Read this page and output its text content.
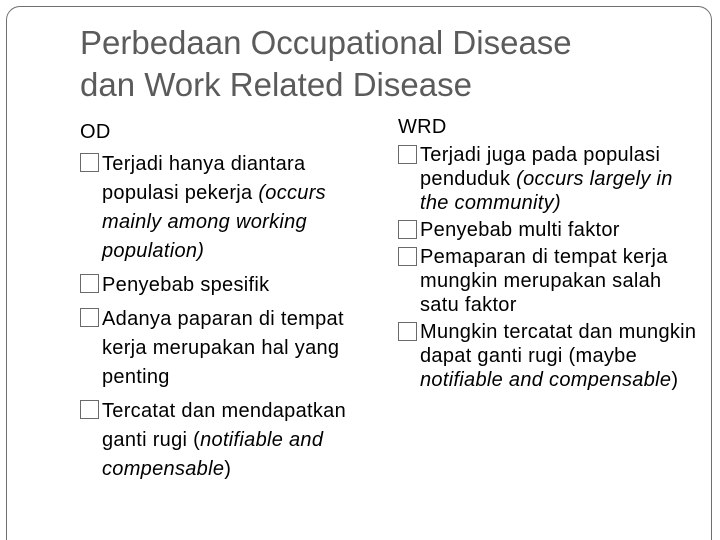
Perbedaan Occupational Disease
dan Work Related Disease
OD
Terjadi hanya diantara populasi pekerja (occurs mainly among working population)
Penyebab spesifik
Adanya paparan di tempat kerja merupakan hal yang penting
Tercatat dan mendapatkan ganti rugi (notifiable and compensable)
WRD
Terjadi juga pada populasi penduduk (occurs largely in the community)
Penyebab multi faktor
Pemaparan di tempat kerja mungkin merupakan salah satu faktor
Mungkin tercatat dan mungkin dapat ganti rugi (maybe notifiable and compensable)
